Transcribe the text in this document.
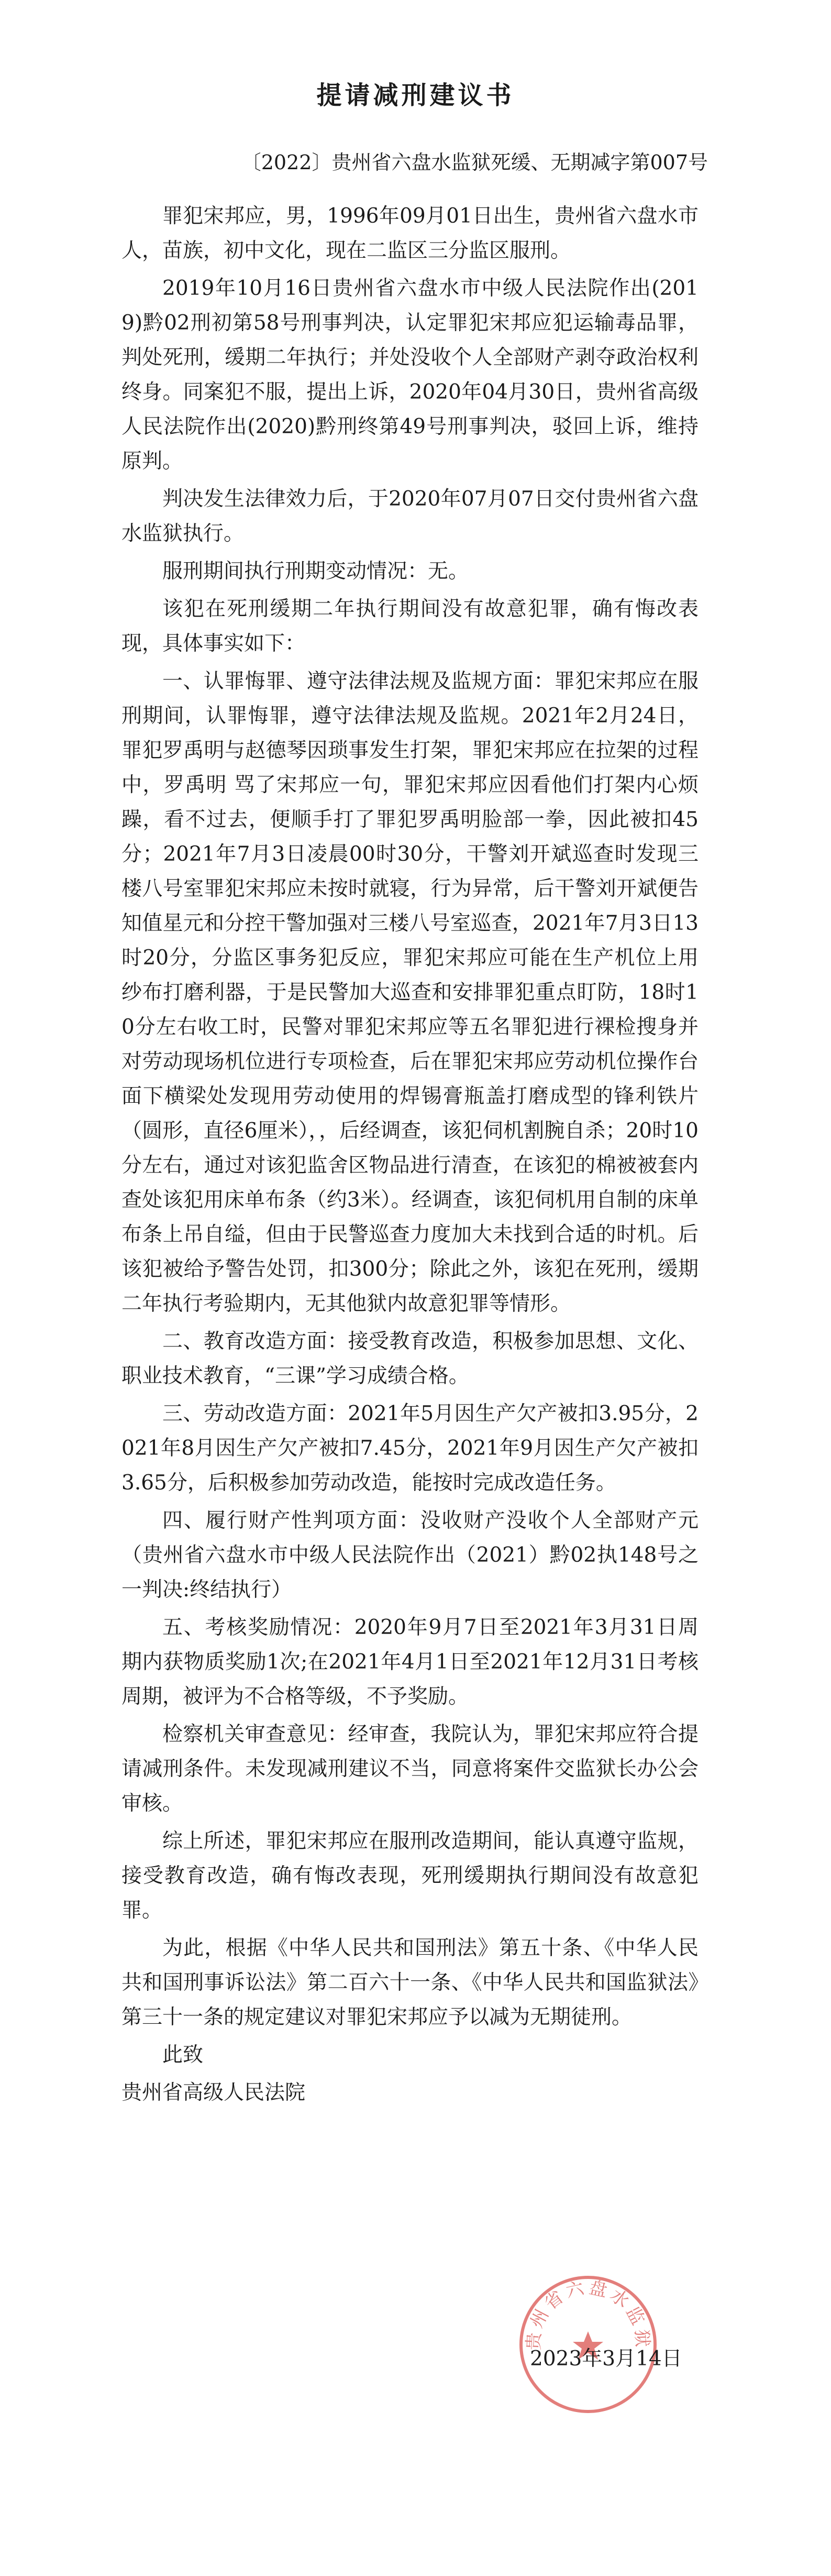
提请减刑建议书
〔2022〕贵州省六盘水监狱死缓、无期减字第007号

罪犯宋邦应，男，1996年09月01日出生，贵州省六盘水市人，苗族，初中文化，现在二监区三分监区服刑。

2019年10月16日贵州省六盘水市中级人民法院作出(2019)黔02刑初第58号刑事判决，认定罪犯宋邦应犯运输毒品罪，判处死刑，缓期二年执行；并处没收个人全部财产剥夺政治权利终身。同案犯不服，提出上诉，2020年04月30日，贵州省高级人民法院作出(2020)黔刑终第49号刑事判决，驳回上诉，维持原判。

判决发生法律效力后，于2020年07月07日交付贵州省六盘水监狱执行。

服刑期间执行刑期变动情况：无。

该犯在死刑缓期二年执行期间没有故意犯罪，确有悔改表现，具体事实如下：

一、认罪悔罪、遵守法律法规及监规方面：罪犯宋邦应在服刑期间，认罪悔罪，遵守法律法规及监规。2021年2月24日，罪犯罗禹明与赵德琴因琐事发生打架，罪犯宋邦应在拉架的过程中，罗禹明 骂了宋邦应一句，罪犯宋邦应因看他们打架内心烦躁，看不过去，便顺手打了罪犯罗禹明脸部一拳，因此被扣45分；2021年7月3日凌晨00时30分，干警刘开斌巡查时发现三楼八号室罪犯宋邦应未按时就寝，行为异常，后干警刘开斌便告知值星元和分控干警加强对三楼八号室巡查，2021年7月3日13时20分，分监区事务犯反应，罪犯宋邦应可能在生产机位上用纱布打磨利器，于是民警加大巡查和安排罪犯重点盯防，18时10分左右收工时，民警对罪犯宋邦应等五名罪犯进行裸检搜身并对劳动现场机位进行专项检查，后在罪犯宋邦应劳动机位操作台面下横梁处发现用劳动使用的焊锡膏瓶盖打磨成型的锋利铁片（圆形，直径6厘米），，后经调查，该犯伺机割腕自杀；20时10分左右，通过对该犯监舍区物品进行清查，在该犯的棉被被套内查处该犯用床单布条（约3米）。经调查，该犯伺机用自制的床单布条上吊自缢，但由于民警巡查力度加大未找到合适的时机。后该犯被给予警告处罚，扣300分；除此之外，该犯在死刑，缓期二年执行考验期内，无其他狱内故意犯罪等情形。

二、教育改造方面：接受教育改造，积极参加思想、文化、职业技术教育，“三课”学习成绩合格。

三、劳动改造方面：2021年5月因生产欠产被扣3.95分，2021年8月因生产欠产被扣7.45分，2021年9月因生产欠产被扣3.65分，后积极参加劳动改造，能按时完成改造任务。

四、履行财产性判项方面：没收财产没收个人全部财产元（贵州省六盘水市中级人民法院作出（2021）黔02执148号之一判决:终结执行）

五、考核奖励情况：2020年9月7日至2021年3月31日周期内获物质奖励1次;在2021年4月1日至2021年12月31日考核周期，被评为不合格等级，不予奖励。

检察机关审查意见：经审查，我院认为，罪犯宋邦应符合提请减刑条件。未发现减刑建议不当，同意将案件交监狱长办公会审核。

综上所述，罪犯宋邦应在服刑改造期间，能认真遵守监规，接受教育改造，确有悔改表现，死刑缓期执行期间没有故意犯罪。

为此，根据《中华人民共和国刑法》第五十条、《中华人民共和国刑事诉讼法》第二百六十一条、《中华人民共和国监狱法》第三十一条的规定建议对罪犯宋邦应予以减为无期徒刑。

此致

贵州省高级人民法院

贵州省六盘水监狱
2023年3月14日
